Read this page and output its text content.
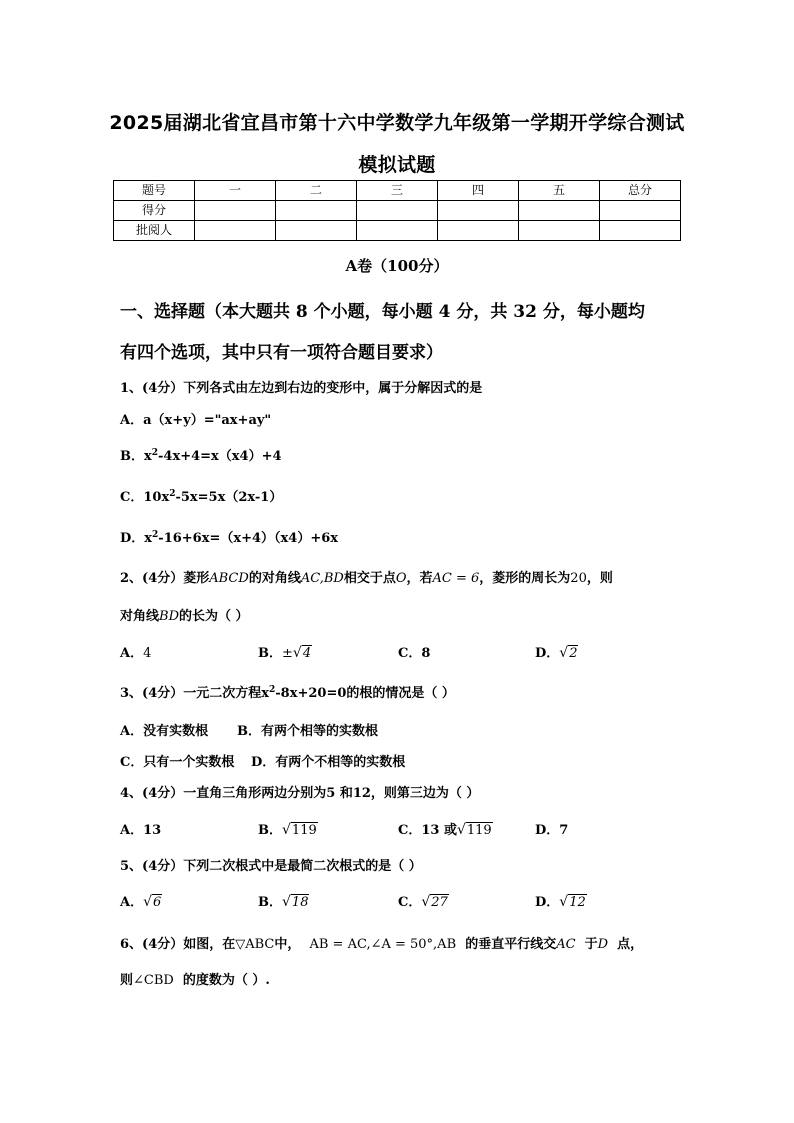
2025届湖北省宜昌市第十六中学数学九年级第一学期开学综合测试
模拟试题
题号	一	二	三	四	五	总分
得分						
批阅人						
A卷（100分）
一、选择题（本大题共 8 个小题，每小题 4 分，共 32 分，每小题均
有四个选项，其中只有一项符合题目要求）
1、(4分）下列各式由左边到右边的变形中，属于分解因式的是
A．a（x+y）="ax+ay"
B．$x^2-4x+4=x(x4)+4$
C．$10x^2-5x=5x(2x-1)$
D．$x^2-16+6x=(x+4)(x4)+6x$
2、(4分）菱形ABCD的对角线AC,BD相交于点O，若AC = 6，菱形的周长为20，则
对角线BD的长为（ ）
A．4	B．±√4	C．8	D．√2
3、(4分）一元二次方程$x^2-8x+20=0$的根的情况是（ ）
A．没有实数根 B．有两个相等的实数根
C．只有一个实数根 D．有两个不相等的实数根
4、(4分）一直角三角形两边分别为5 和12，则第三边为（ ）
A．13	B．√119	C．13 或√119	D．7
5、(4分）下列二次根式中是最简二次根式的是（ ）
A．√6	B．√18	C．√27	D．√12
6、(4分）如图，在▽ABC中， AB = AC,∠A = 50°,AB 的垂直平行线交AC 于D 点，
则∠CBD 的度数为（ ）.
